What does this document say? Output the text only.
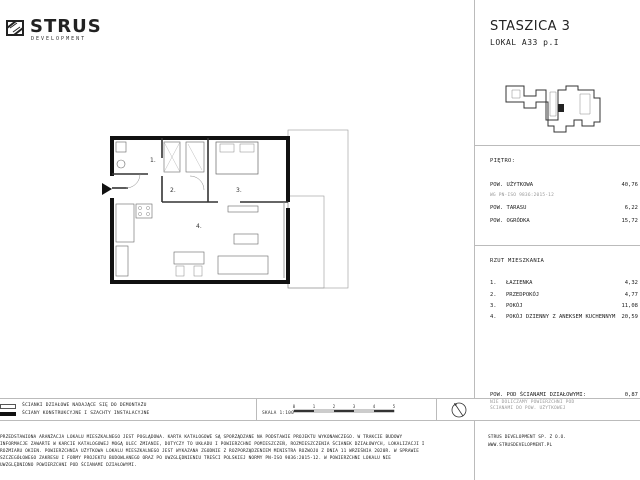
STRUS
DEVELOPMENT
STASZICA 3
LOKAL A33 p.I
PIĘTRO:
POW. UŻYTKOWA	40,76
WG PN-ISO 9836:2015-12
POW. TARASU	6,22
POW. OGRÓDKA	15,72
RZUT MIESZKANIA
1. ŁAZIENKA	4,32
2. PRZEDPOKÓJ	4,77
3. POKÓJ	11,08
4. POKÓJ DZIENNY Z ANEKSEM KUCHENNYM 20,59
POW. POD ŚCIANAMI DZIAŁOWYMI:	0,87
NIE DOLICZAMY POWIERZCHNI POD
ŚCIANAMI DO POW. UŻYTKOWEJ
1.
2.	3.
4.
ŚCIANKI DZIAŁOWE NADAJĄCE SIĘ DO DEMONTAŻU
ŚCIANY KONSTRUKCYJNE I SZACHTY INSTALACYJNE	SKALA 1:100
0	1	2	3	4	5
PRZEDSTAWIONA ARANŻACJA LOKALU MIESZKALNEGO JEST POGLĄDOWA. KARTA KATALOGOWE SĄ SPORZĄDZANE NA PODSTAWIE PROJEKTU WYKONAWCZEGO. W TRAKCIE BUDOWY
INFORMACJE ZAWARTE W KARCIE KATALOGOWEJ MOGĄ ULEC ZMIANIE, DOTYCZY TO UKŁADU I POWIERZCHNI POMIESZCZEŃ, ROZMIESZCZENIA ŚCIANEK DZIAŁOWYCH, LOKALIZACJI I
ROZMIARU OKIEN. POWIERZCHNIA UŻYTKOWA LOKALU MIESZKALNEGO JEST WYKAZANA ZGODNIE Z ROZPORZĄDZENIEM MINISTRA ROZWOJU Z DNIA 11 WRZEŚNIA 2020R. W SPRAWIE
SZCZEGÓŁOWEGO ZAKRESU I FORMY PROJEKTU BUDOWLANEGO ORAZ PO UWZGLĘDNIENIU TREŚCI POLSKIEJ NORMY PN-ISO 9836:2015-12. W POWIERZCHNI LOKALU NIE
UWZGLĘDNIONO POWIERZCHNI POD ŚCIANAMI DZIAŁOWYMI.
STRUS DEVELOPMENT SP. Z O.O.
WWW.STRUSDEVELOPMENT.PL
